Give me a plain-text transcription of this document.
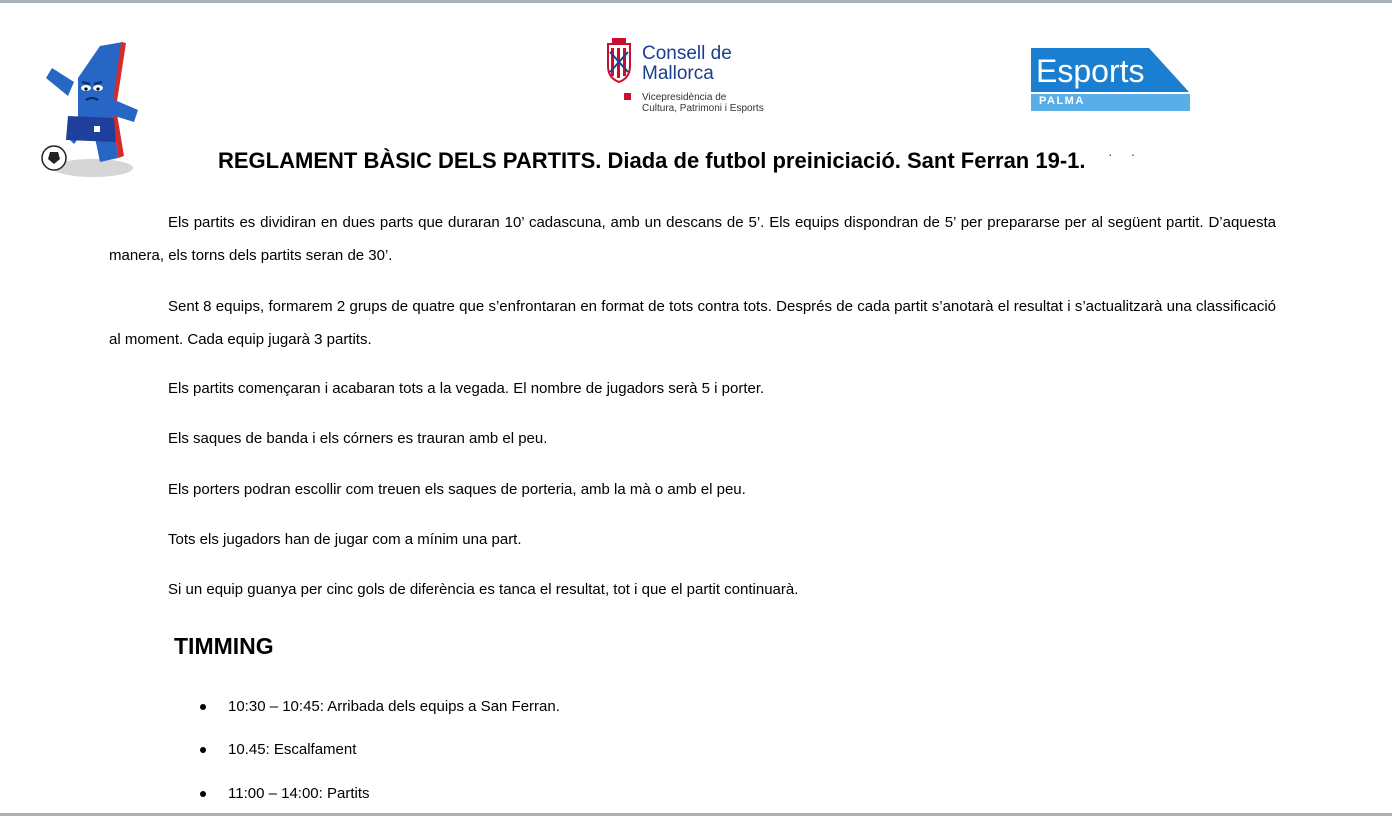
Consell de
Mallorca
Vicepresidència de
Cultura, Patrimoni i Esports
Esports
PALMA
REGLAMENT BÀSIC DELS PARTITS. Diada de futbol preiniciació. Sant Ferran 19-1. ··

Els partits es dividiran en dues parts que duraran 10’ cadascuna, amb un descans de 5’. Els equips dispondran de 5’ per prepararse per al següent partit. D’aquesta manera, els torns dels partits seran de 30’.

Sent 8 equips, formarem 2 grups de quatre que s’enfrontaran en format de tots contra tots. Després de cada partit s’anotarà el resultat i s’actualitzarà una classificació al moment. Cada equip jugarà 3 partits.

Els partits començaran i acabaran tots a la vegada. El nombre de jugadors serà 5 i porter.

Els saques de banda i els córners es trauran amb el peu.

Els porters podran escollir com treuen els saques de porteria, amb la mà o amb el peu.

Tots els jugadors han de jugar com a mínim una part.

Si un equip guanya per cinc gols de diferència es tanca el resultat, tot i que el partit continuarà.

TIMMING
10:30 – 10:45: Arribada dels equips a San Ferran.
10.45: Escalfament
11:00 – 14:00: Partits
